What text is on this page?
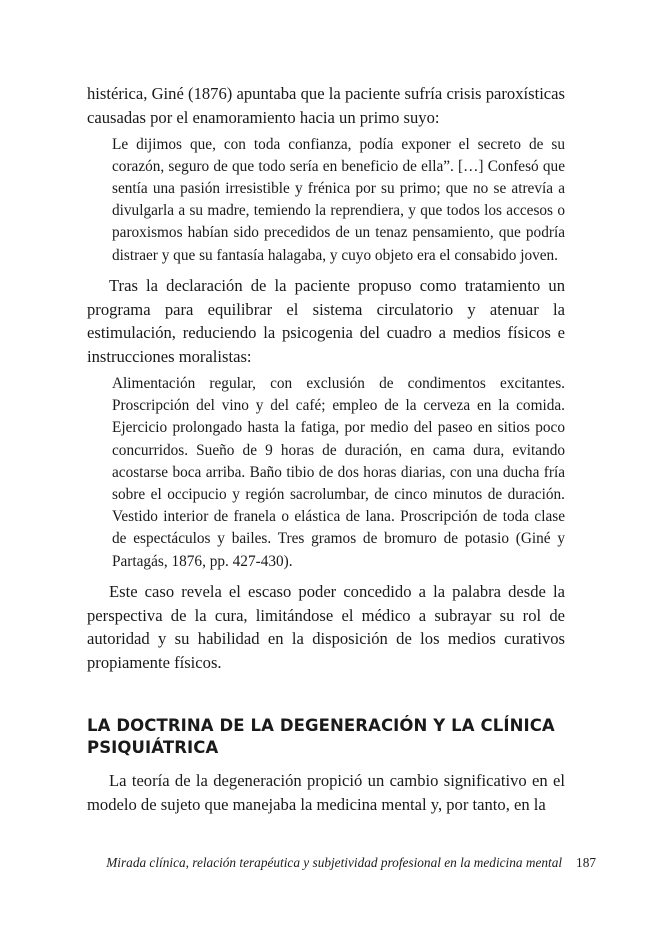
histérica, Giné (1876) apuntaba que la paciente sufría crisis paroxísticas causadas por el enamoramiento hacia un primo suyo:

Le dijimos que, con toda confianza, podía exponer el secreto de su corazón, seguro de que todo sería en beneficio de ella”. […] Confesó que sentía una pasión irresistible y frénica por su primo; que no se atrevía a divulgarla a su madre, temiendo la reprendiera, y que todos los accesos o paroxismos habían sido precedidos de un tenaz pensamiento, que podría distraer y que su fantasía halagaba, y cuyo objeto era el consabido joven.

Tras la declaración de la paciente propuso como tratamiento un programa para equilibrar el sistema circulatorio y atenuar la estimulación, reduciendo la psicogenia del cuadro a medios físicos e instrucciones moralistas:

Alimentación regular, con exclusión de condimentos excitantes. Proscripción del vino y del café; empleo de la cerveza en la comida. Ejercicio prolongado hasta la fatiga, por medio del paseo en sitios poco concurridos. Sueño de 9 horas de duración, en cama dura, evitando acostarse boca arriba. Baño tibio de dos horas diarias, con una ducha fría sobre el occipucio y región sacrolumbar, de cinco minutos de duración. Vestido interior de franela o elástica de lana. Proscripción de toda clase de espectáculos y bailes. Tres gramos de bromuro de potasio (Giné y Partagás, 1876, pp. 427-430).

Este caso revela el escaso poder concedido a la palabra desde la perspectiva de la cura, limitándose el médico a subrayar su rol de autoridad y su habilidad en la disposición de los medios curativos propiamente físicos.

LA DOCTRINA DE LA DEGENERACIÓN Y LA CLÍNICA PSIQUIÁTRICA

La teoría de la degeneración propició un cambio significativo en el modelo de sujeto que manejaba la medicina mental y, por tanto, en la

Mirada clínica, relación terapéutica y subjetividad profesional en la medicina mental 187
